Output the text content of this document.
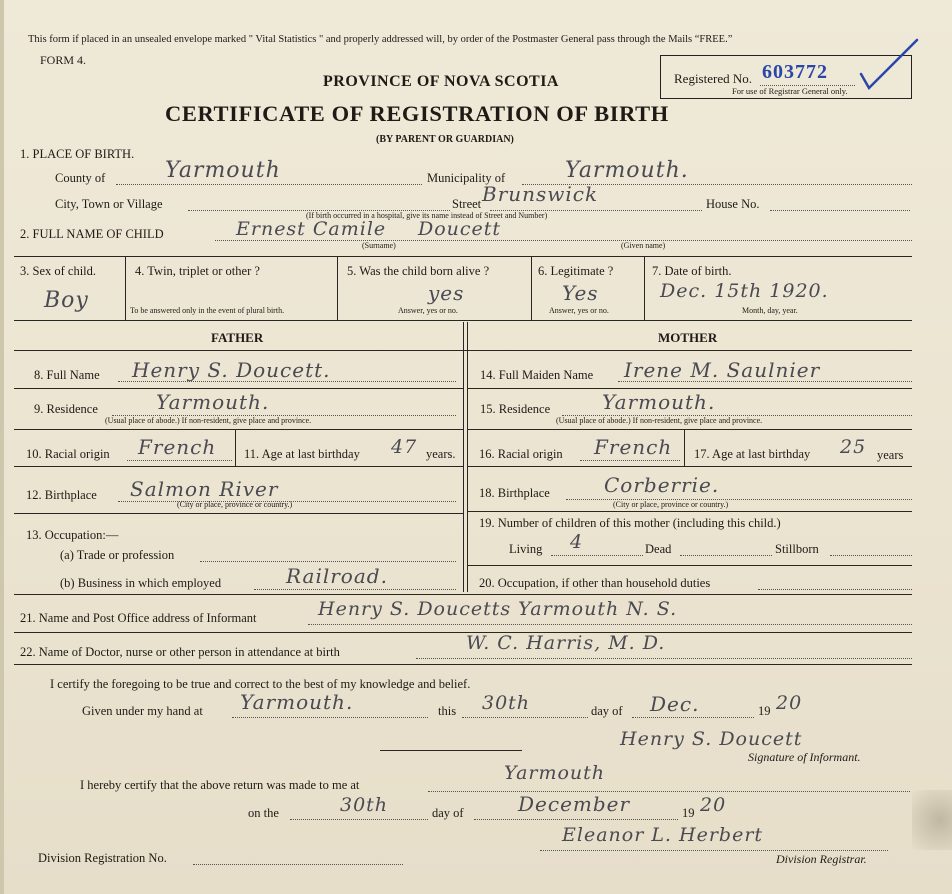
This form if placed in an unsealed envelope marked " Vital Statistics " and properly addressed will, by order of the Postmaster General pass through the Mails “FREE.”
FORM 4.
PROVINCE OF NOVA SCOTIA
CERTIFICATE OF REGISTRATION OF BIRTH
(BY PARENT OR GUARDIAN)
Registered No. 603772
For use of Registrar General only.
1. PLACE OF BIRTH.
County of	Yarmouth	Municipality of	Yarmouth.
City, Town or Village	Street Brunswick	House No.
(If birth occurred in a hospital, give its name instead of Street and Number)
2. FULL NAME OF CHILD	Ernest Camile Doucett
(Surname)	(Given name)
3. Sex of child.
Boy
4. Twin, triplet or other ?
To be answered only in the event of plural birth.
5. Was the child born alive ?
yes
Answer, yes or no.
6. Legitimate ?
Yes
Answer, yes or no.
7. Date of birth.
Dec. 15th 1920.
Month, day, year.
FATHER	MOTHER
8. Full Name Henry S. Doucett.
9. Residence	Yarmouth.
(Usual place of abode.) If non-resident, give place and province.
10. Racial origin French 11. Age at last birthday 47 years.
12. Birthplace Salmon River
(City or place, province or country.)
13. Occupation:—
(a) Trade or profession
(b) Business in which employed	Railroad.
14. Full Maiden Name Irene M. Saulnier
15. Residence	Yarmouth.
(Usual place of abode.) If non-resident, give place and province.
16. Racial origin French 17. Age at last birthday 25 years
18. Birthplace	Corberrie.
(City or place, province or country.)
19. Number of children of this mother (including this child.)
Living 4	Dead	Stillborn
20. Occupation, if other than household duties
21. Name and Post Office address of Informant	Henry S. Doucetts Yarmouth N. S.
22. Name of Doctor, nurse or other person in attendance at birth	W. C. Harris, M. D.
I certify the foregoing to be true and correct to the best of my knowledge and belief.
Given under my hand at Yarmouth.	this 30th	day of Dec.	19 20
Henry S. Doucett
Signature of Informant.
I hereby certify that the above return was made to me at
Yarmouth
on the	30th	day of	December	19 20
Eleanor L. Herbert
Division Registration No.	Division Registrar.
